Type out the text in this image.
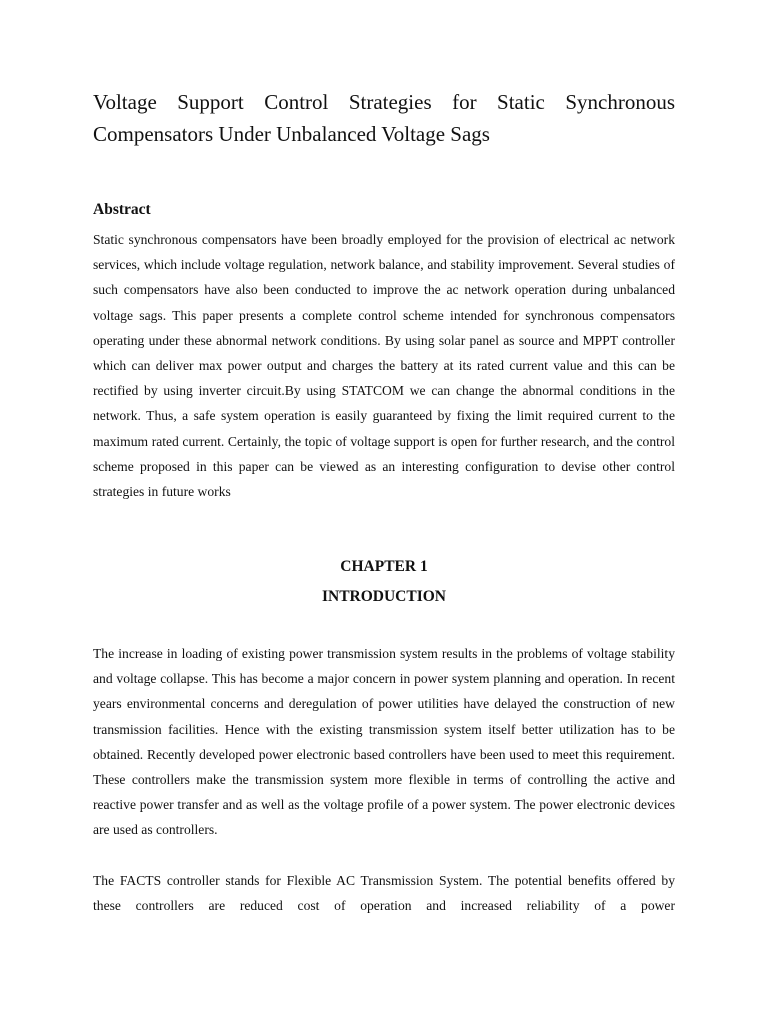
Voltage Support Control Strategies for Static Synchronous Compensators Under Unbalanced Voltage Sags
Abstract

Static synchronous compensators have been broadly employed for the provision of electrical ac network services, which include voltage regulation, network balance, and stability improvement. Several studies of such compensators have also been conducted to improve the ac network operation during unbalanced voltage sags. This paper presents a complete control scheme intended for synchronous compensators operating under these abnormal network conditions. By using solar panel as source and MPPT controller which can deliver max power output and charges the battery at its rated current value and this can be rectified by using inverter circuit.By using STATCOM we can change the abnormal conditions in the network. Thus, a safe system operation is easily guaranteed by fixing the limit required current to the maximum rated current. Certainly, the topic of voltage support is open for further research, and the control scheme proposed in this paper can be viewed as an interesting configuration to devise other control strategies in future works

CHAPTER 1
INTRODUCTION

The increase in loading of existing power transmission system results in the problems of voltage stability and voltage collapse. This has become a major concern in power system planning and operation. In recent years environmental concerns and deregulation of power utilities have delayed the construction of new transmission facilities. Hence with the existing transmission system itself better utilization has to be obtained. Recently developed power electronic based controllers have been used to meet this requirement. These controllers make the transmission system more flexible in terms of controlling the active and reactive power transfer and as well as the voltage profile of a power system. The power electronic devices are used as controllers.

The FACTS controller stands for Flexible AC Transmission System. The potential benefits offered by these controllers are reduced cost of operation and increased reliability of a power
